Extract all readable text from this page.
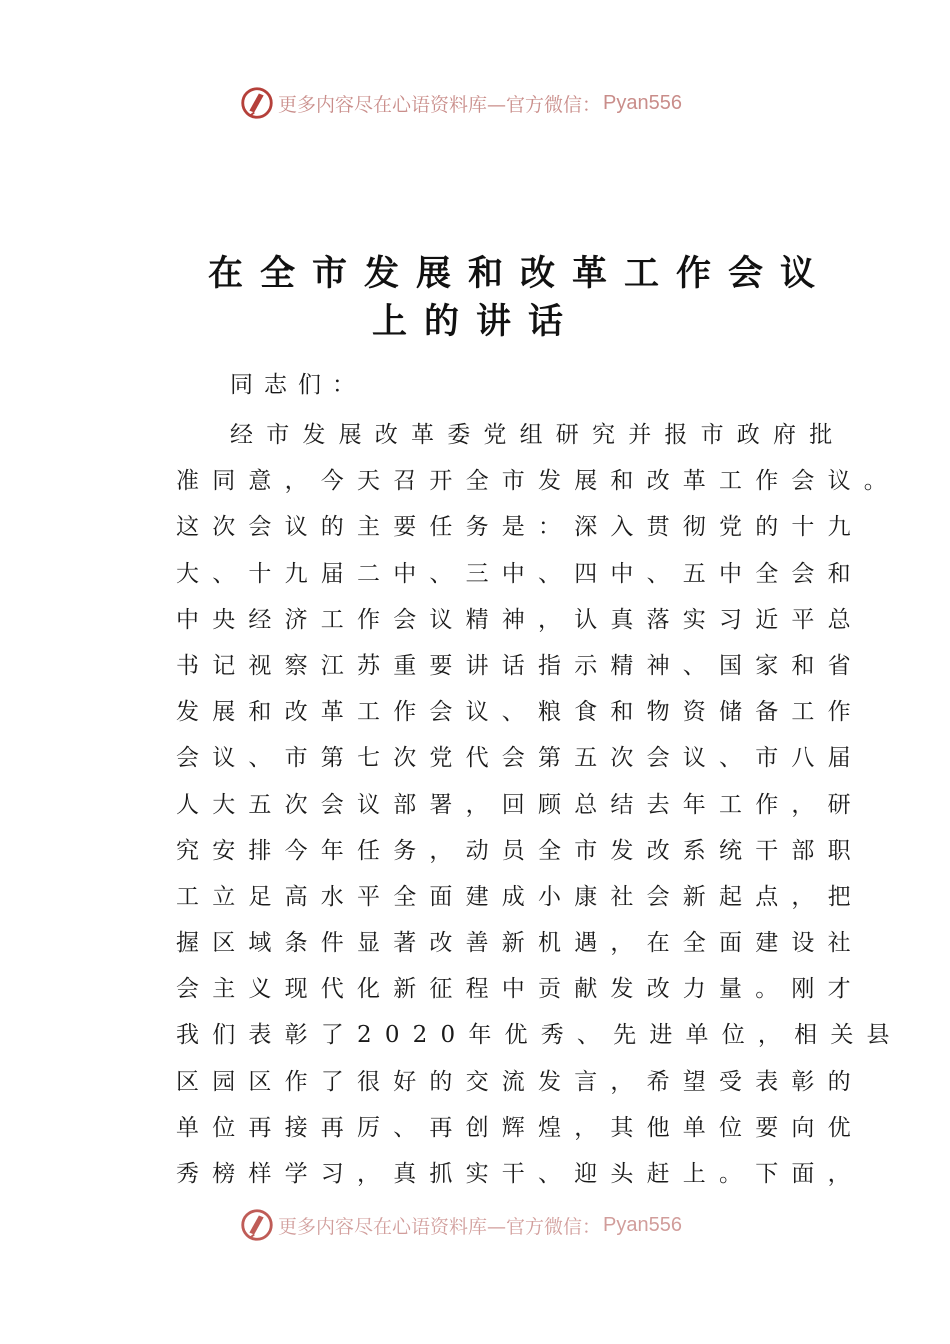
更多内容尽在心语资料库—官方微信： Pyan556
在全市发展和改革工作会议
上的讲话
同志们：
经市发展改革委党组研究并报市政府批
准同意，今天召开全市发展和改革工作会议。
这次会议的主要任务是：深入贯彻党的十九
大、十九届二中、三中、四中、五中全会和
中央经济工作会议精神，认真落实习近平总
书记视察江苏重要讲话指示精神、国家和省
发展和改革工作会议、粮食和物资储备工作
会议、市第七次党代会第五次会议、市八届
人大五次会议部署，回顾总结去年工作，研
究安排今年任务，动员全市发改系统干部职
工立足高水平全面建成小康社会新起点，把
握区域条件显著改善新机遇，在全面建设社
会主义现代化新征程中贡献发改力量。刚才
我们表彰了2020年优秀、先进单位，相关县
区园区作了很好的交流发言，希望受表彰的
单位再接再厉、再创辉煌，其他单位要向优
秀榜样学习，真抓实干、迎头赶上。下面，
更多内容尽在心语资料库—官方微信： Pyan556
